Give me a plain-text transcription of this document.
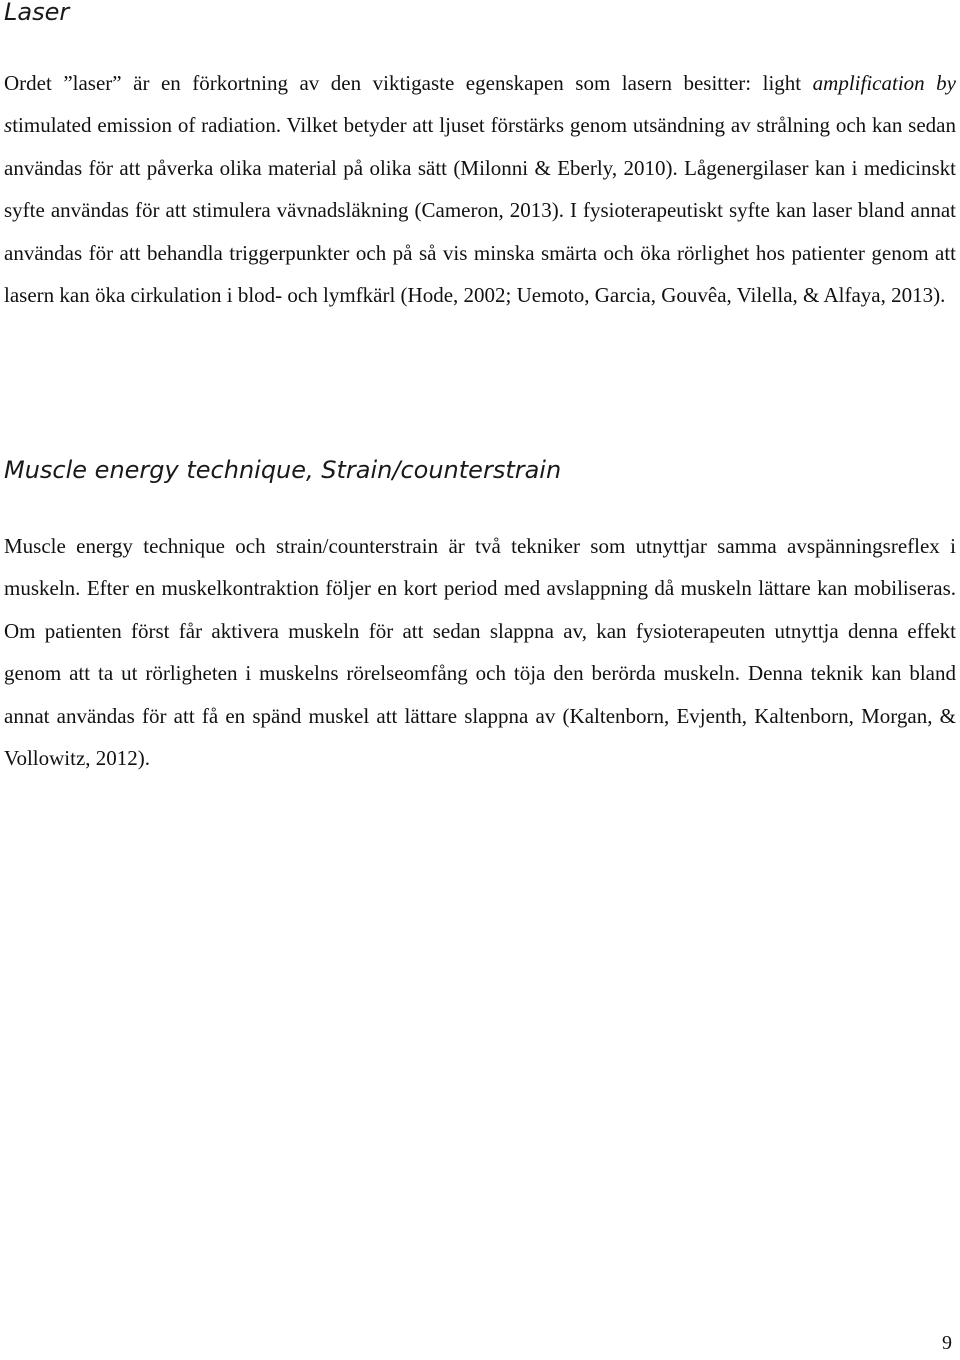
Laser

Ordet ”laser” är en förkortning av den viktigaste egenskapen som lasern besitter: light amplification by stimulated emission of radiation. Vilket betyder att ljuset förstärks genom utsändning av strålning och kan sedan användas för att påverka olika material på olika sätt (Milonni & Eberly, 2010). Lågenergilaser kan i medicinskt syfte användas för att stimulera vävnadsläkning (Cameron, 2013). I fysioterapeutiskt syfte kan laser bland annat användas för att behandla triggerpunkter och på så vis minska smärta och öka rörlighet hos patienter genom att lasern kan öka cirkulation i blod- och lymfkärl (Hode, 2002; Uemoto, Garcia, Gouvêa, Vilella, & Alfaya, 2013).

Muscle energy technique, Strain/counterstrain

Muscle energy technique och strain/counterstrain är två tekniker som utnyttjar samma avspänningsreflex i muskeln. Efter en muskelkontraktion följer en kort period med avslappning då muskeln lättare kan mobiliseras. Om patienten först får aktivera muskeln för att sedan slappna av, kan fysioterapeuten utnyttja denna effekt genom att ta ut rörligheten i muskelns rörelseomfång och töja den berörda muskeln. Denna teknik kan bland annat användas för att få en spänd muskel att lättare slappna av (Kaltenborn, Evjenth, Kaltenborn, Morgan, & Vollowitz, 2012).

9
